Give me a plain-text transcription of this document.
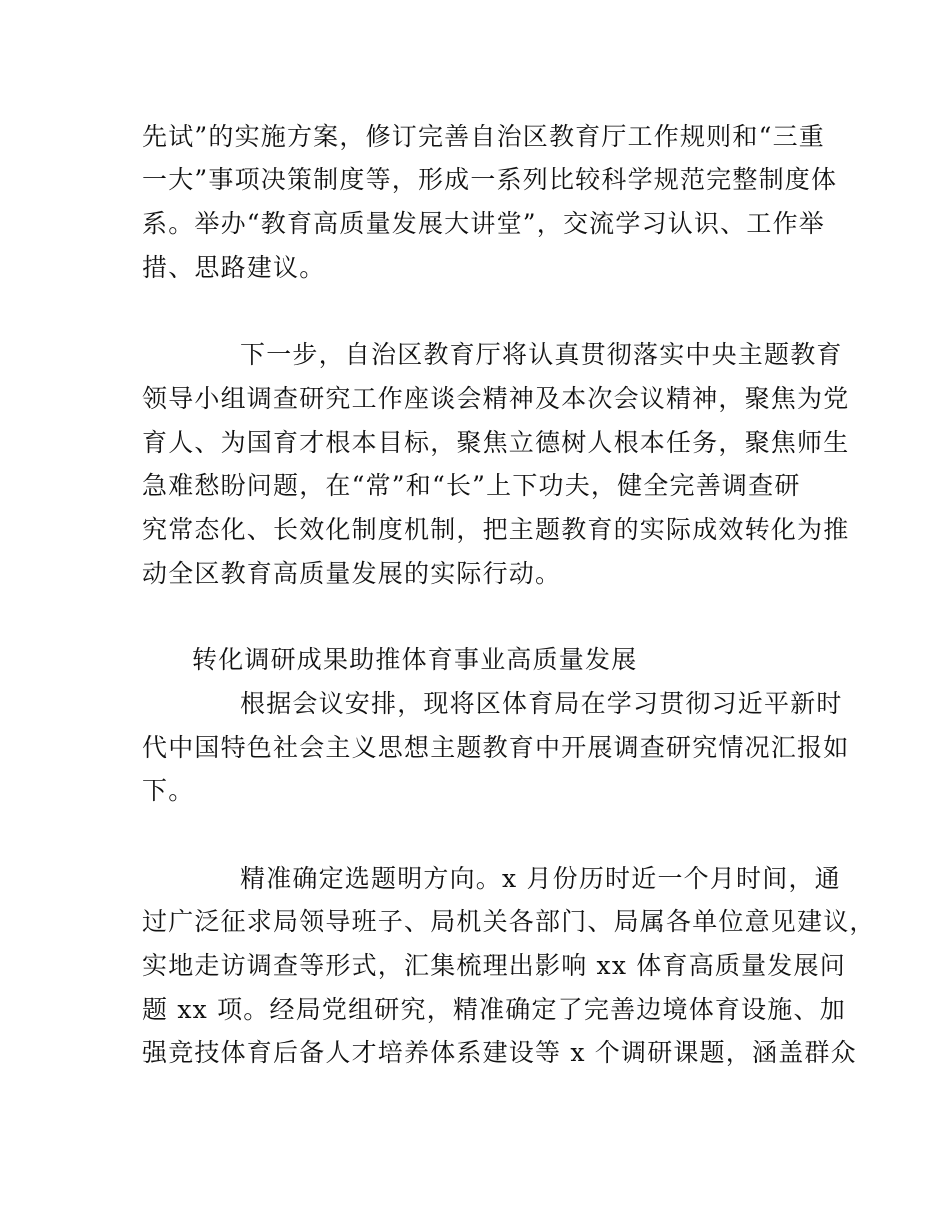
先试”的实施方案，修订完善自治区教育厅工作规则和“三重
一大”事项决策制度等，形成一系列比较科学规范完整制度体
系。举办“教育高质量发展大讲堂”，交流学习认识、工作举
措、思路建议。
下一步，自治区教育厅将认真贯彻落实中央主题教育
领导小组调查研究工作座谈会精神及本次会议精神，聚焦为党
育人、为国育才根本目标，聚焦立德树人根本任务，聚焦师生
急难愁盼问题，在“常”和“长”上下功夫，健全完善调查研
究常态化、长效化制度机制，把主题教育的实际成效转化为推
动全区教育高质量发展的实际行动。
转化调研成果助推体育事业高质量发展
根据会议安排，现将区体育局在学习贯彻习近平新时
代中国特色社会主义思想主题教育中开展调查研究情况汇报如
下。
精准确定选题明方向。x 月份历时近一个月时间，通
过广泛征求局领导班子、局机关各部门、局属各单位意见建议，
实地走访调查等形式，汇集梳理出影响 xx 体育高质量发展问
题 xx 项。经局党组研究，精准确定了完善边境体育设施、加
强竞技体育后备人才培养体系建设等 x 个调研课题，涵盖群众
